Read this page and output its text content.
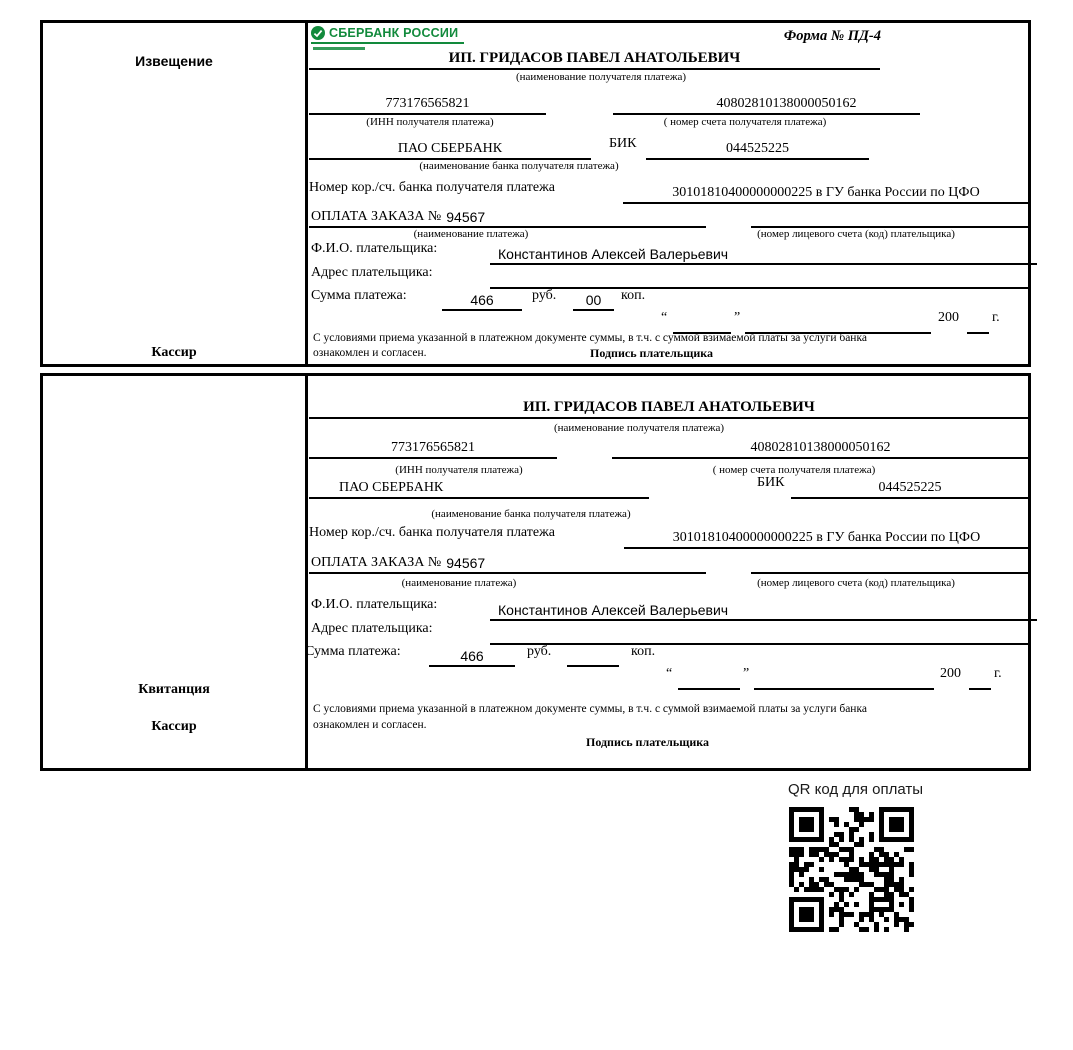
Извещение
Кассир
СБЕРБАНК РОССИИ	Форма № ПД-4
ИП. ГРИДАСОВ ПАВЕЛ АНАТОЛЬЕВИЧ
(наименование получателя платежа)
773176565821	40802810138000050162
(ИНН получателя платежа)	( номер счета получателя платежа)
ПАО СБЕРБАНК	БИК	044525225
(наименование банка получателя платежа)
Номер кор./сч. банка получателя платежа	30101810400000000225 в ГУ банка России по ЦФО
ОПЛАТА ЗАКАЗА № 94567
(наименование платежа)	(номер лицевого счета (код) плательщика)
Ф.И.О. плательщика:	Константинов Алексей Валерьевич
Адрес плательщика:
Сумма платежа:	466	руб. 00 коп.
“	”	200 г.
С условиями приема указанной в платежном документе суммы, в т.ч. с суммой взимаемой платы за услуги банка
ознакомлен и согласен.	Подпись плательщика
Квитанция
Кассир
ИП. ГРИДАСОВ ПАВЕЛ АНАТОЛЬЕВИЧ
(наименование получателя платежа)
773176565821	40802810138000050162
(ИНН получателя платежа)	( номер счета получателя платежа)
ПАО СБЕРБАНК	БИК	044525225
(наименование банка получателя платежа)
Номер кор./сч. банка получателя платежа	30101810400000000225 в ГУ банка России по ЦФО
ОПЛАТА ЗАКАЗА № 94567
(наименование платежа)	(номер лицевого счета (код) плательщика)
Ф.И.О. плательщика:	Константинов Алексей Валерьевич
Адрес плательщика:
Сумма платежа:	466	руб.	коп.
“	”	200 г.
С условиями приема указанной в платежном документе суммы, в т.ч. с суммой взимаемой платы за услуги банка
ознакомлен и согласен.
Подпись плательщика
QR код для оплаты
